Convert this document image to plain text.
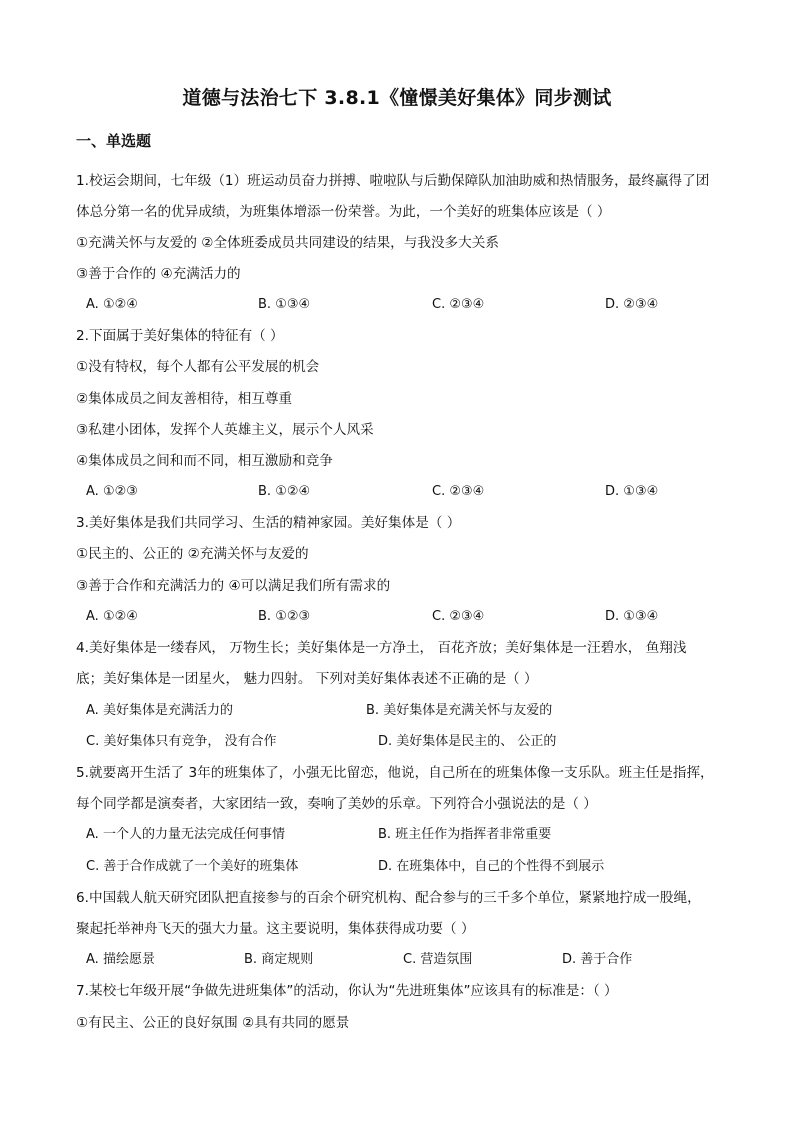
道德与法治七下 3.8.1《憧憬美好集体》同步测试
一、单选题
1.校运会期间，七年级（1）班运动员奋力拼搏、啦啦队与后勤保障队加油助威和热情服务，最终赢得了团
体总分第一名的优异成绩，为班集体增添一份荣誉。为此，一个美好的班集体应该是（ ）
①充满关怀与友爱的 ②全体班委成员共同建设的结果，与我没多大关系
③善于合作的 ④充满活力的
A. ①②④	B. ①③④	C. ②③④	D. ②③④
2.下面属于美好集体的特征有（ ）
①没有特权，每个人都有公平发展的机会
②集体成员之间友善相待，相互尊重
③私建小团体，发挥个人英雄主义，展示个人风采
④集体成员之间和而不同，相互激励和竞争
A. ①②③	B. ①②④	C. ②③④	D. ①③④
3.美好集体是我们共同学习、生活的精神家园。美好集体是（ ）
①民主的、公正的 ②充满关怀与友爱的
③善于合作和充满活力的 ④可以满足我们所有需求的
A. ①②④	B. ①②③	C. ②③④	D. ①③④
4.美好集体是一缕春风， 万物生长；美好集体是一方净土， 百花齐放；美好集体是一汪碧水， 鱼翔浅
底；美好集体是一团星火， 魅力四射。 下列对美好集体表述不正确的是（ ）
A. 美好集体是充满活力的	B. 美好集体是充满关怀与友爱的
C. 美好集体只有竞争， 没有合作	D. 美好集体是民主的、 公正的
5.就要离开生活了 3年的班集体了，小强无比留恋，他说，自己所在的班集体像一支乐队。班主任是指挥，
每个同学都是演奏者，大家团结一致，奏响了美妙的乐章。下列符合小强说法的是（ ）
A. 一个人的力量无法完成任何事情	B. 班主任作为指挥者非常重要
C. 善于合作成就了一个美好的班集体	D. 在班集体中，自己的个性得不到展示
6.中国载人航天研究团队把直接参与的百余个研究机构、配合参与的三千多个单位，紧紧地拧成一股绳，
聚起托举神舟飞天的强大力量。这主要说明，集体获得成功要（ ）
A. 描绘愿景	B. 商定规则	C. 营造氛围	D. 善于合作
7.某校七年级开展“争做先进班集体”的活动，你认为“先进班集体”应该具有的标准是：（ ）
①有民主、公正的良好氛围 ②具有共同的愿景
